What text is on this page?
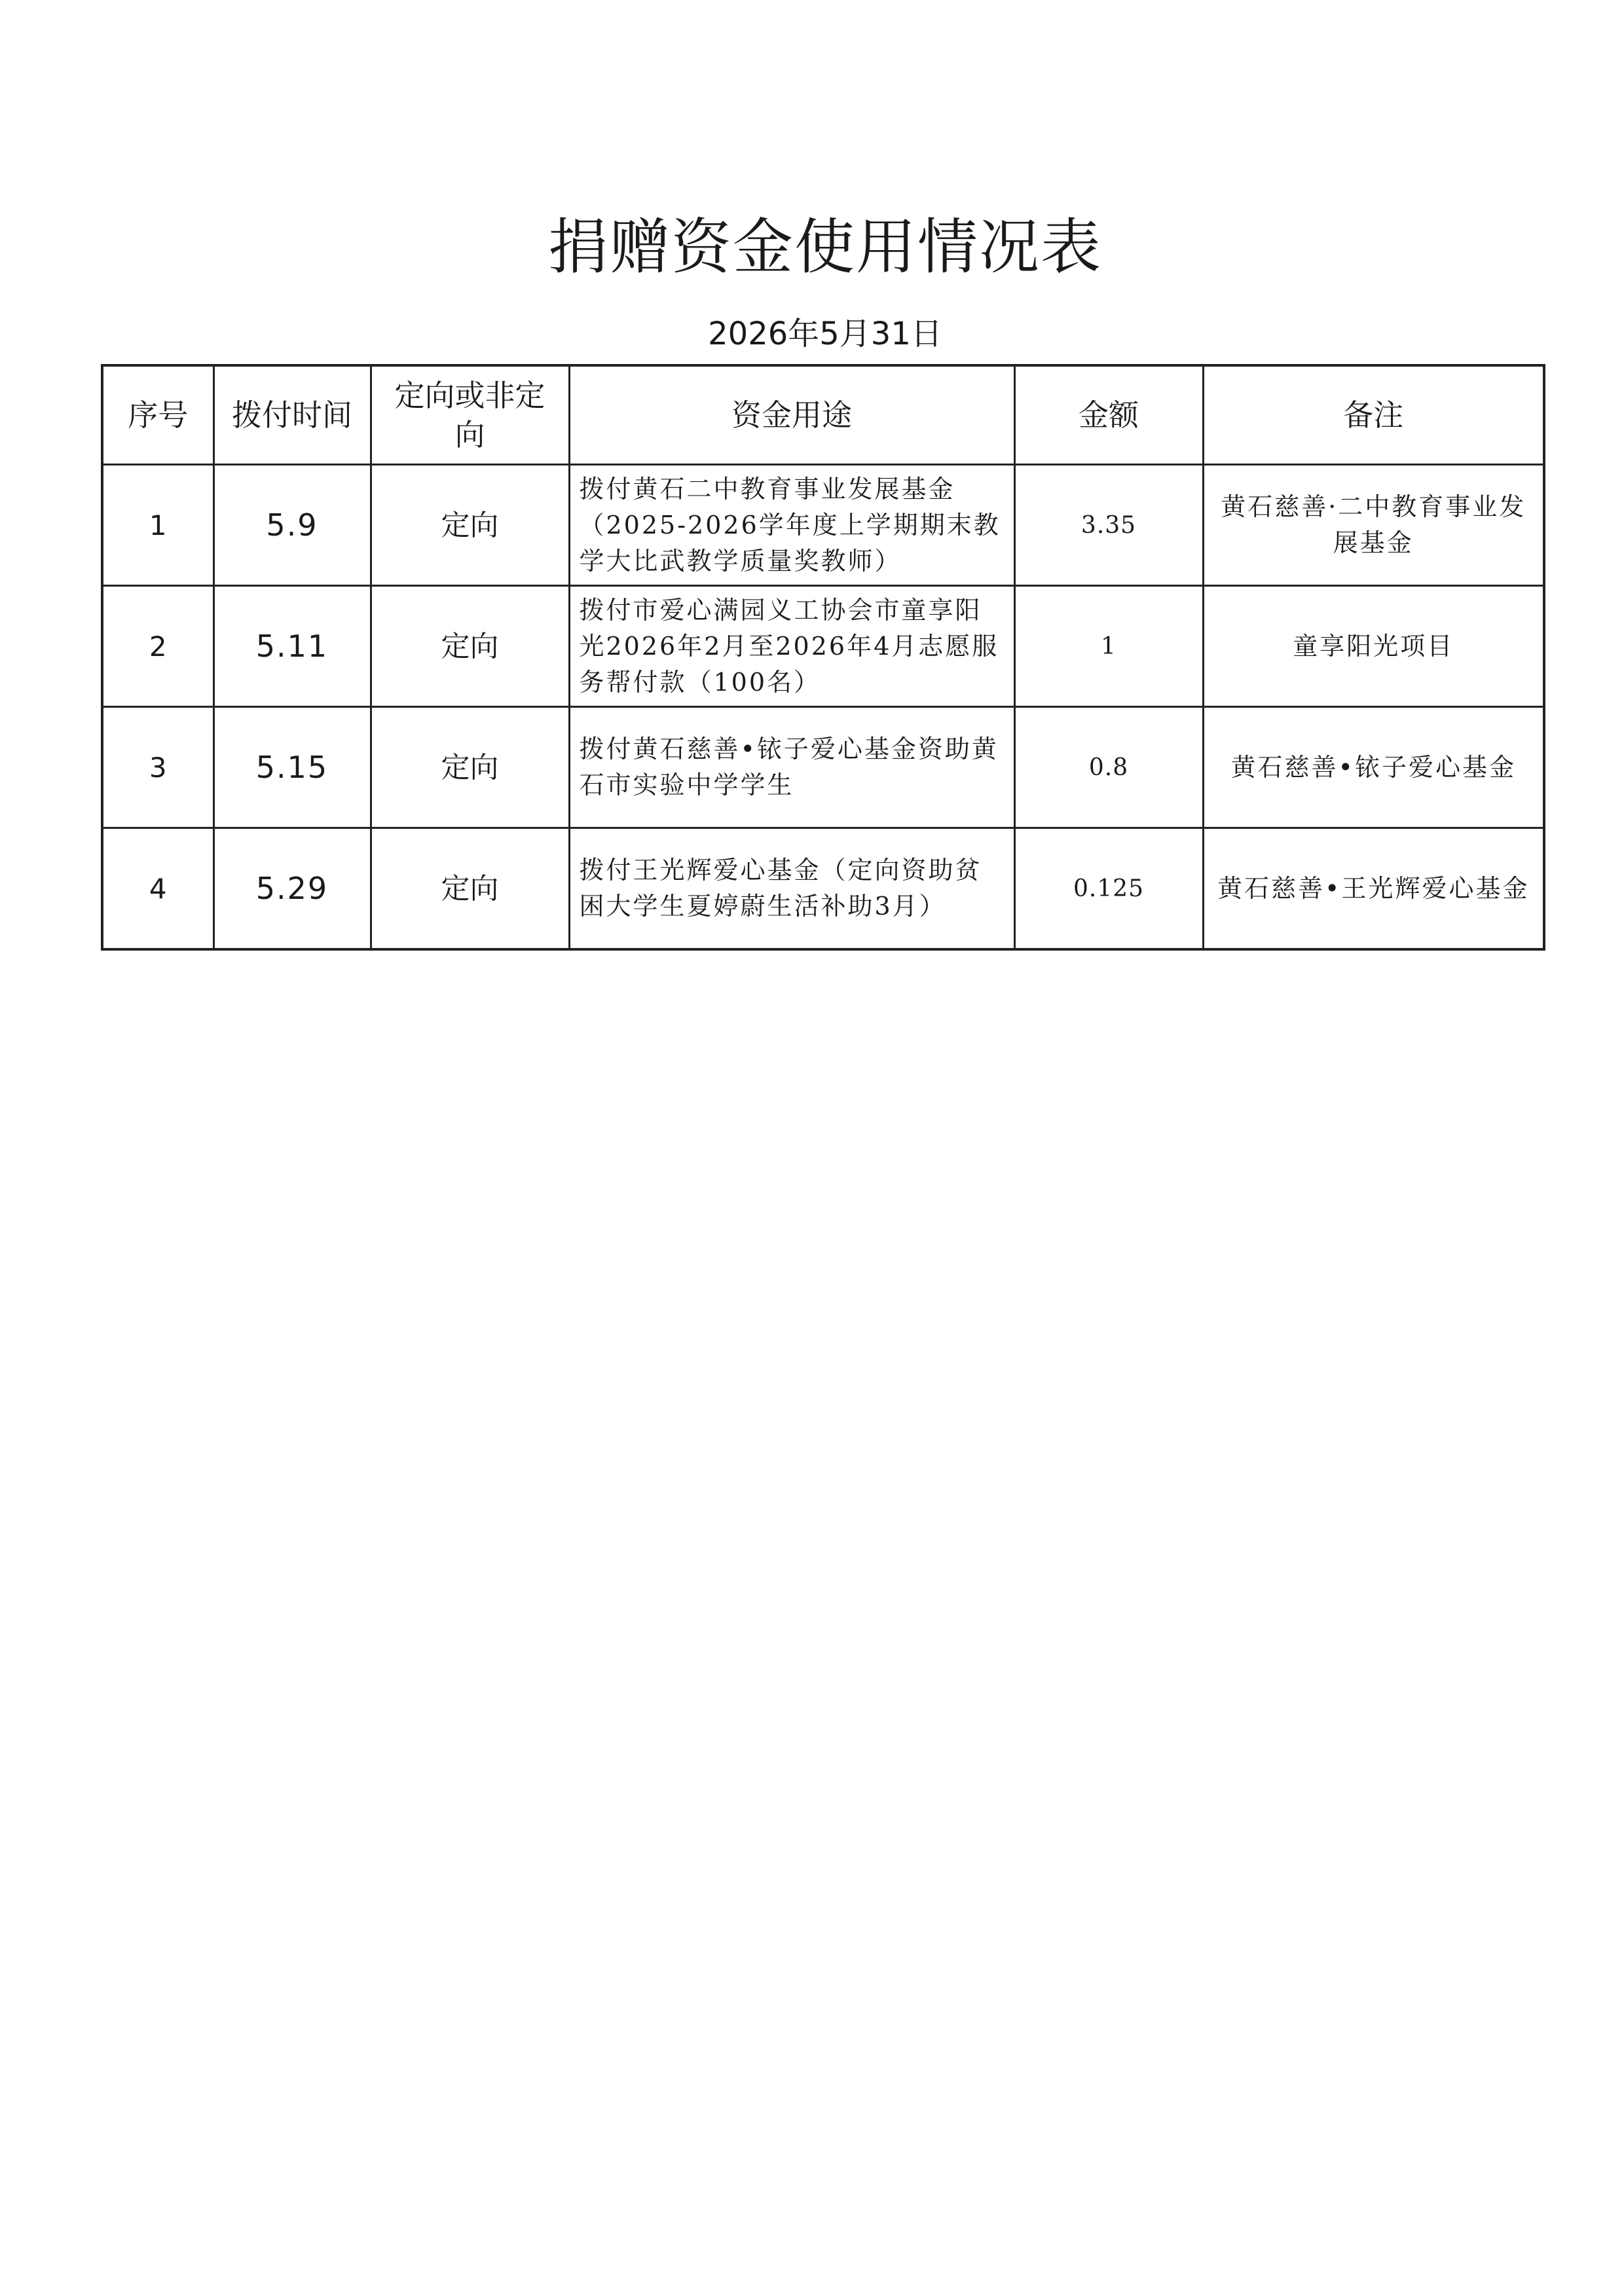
捐赠资金使用情况表
2026年5月31日
序号	拨付时间	定向或非定向	资金用途	金额	备注
1	5.9	定向	拨付黄石二中教育事业发展基金（2025-2026学年度上学期期末教学大比武教学质量奖教师）	3.35	黄石慈善·二中教育事业发展基金
2	5.11	定向	拨付市爱心满园义工协会市童享阳光2026年2月至2026年4月志愿服务帮付款（100名）	1	童享阳光项目
3	5.15	定向	拨付黄石慈善•铱子爱心基金资助黄石市实验中学学生	0.8	黄石慈善•铱子爱心基金
4	5.29	定向	拨付王光辉爱心基金（定向资助贫困大学生夏婷蔚生活补助3月）	0.125	黄石慈善•王光辉爱心基金
